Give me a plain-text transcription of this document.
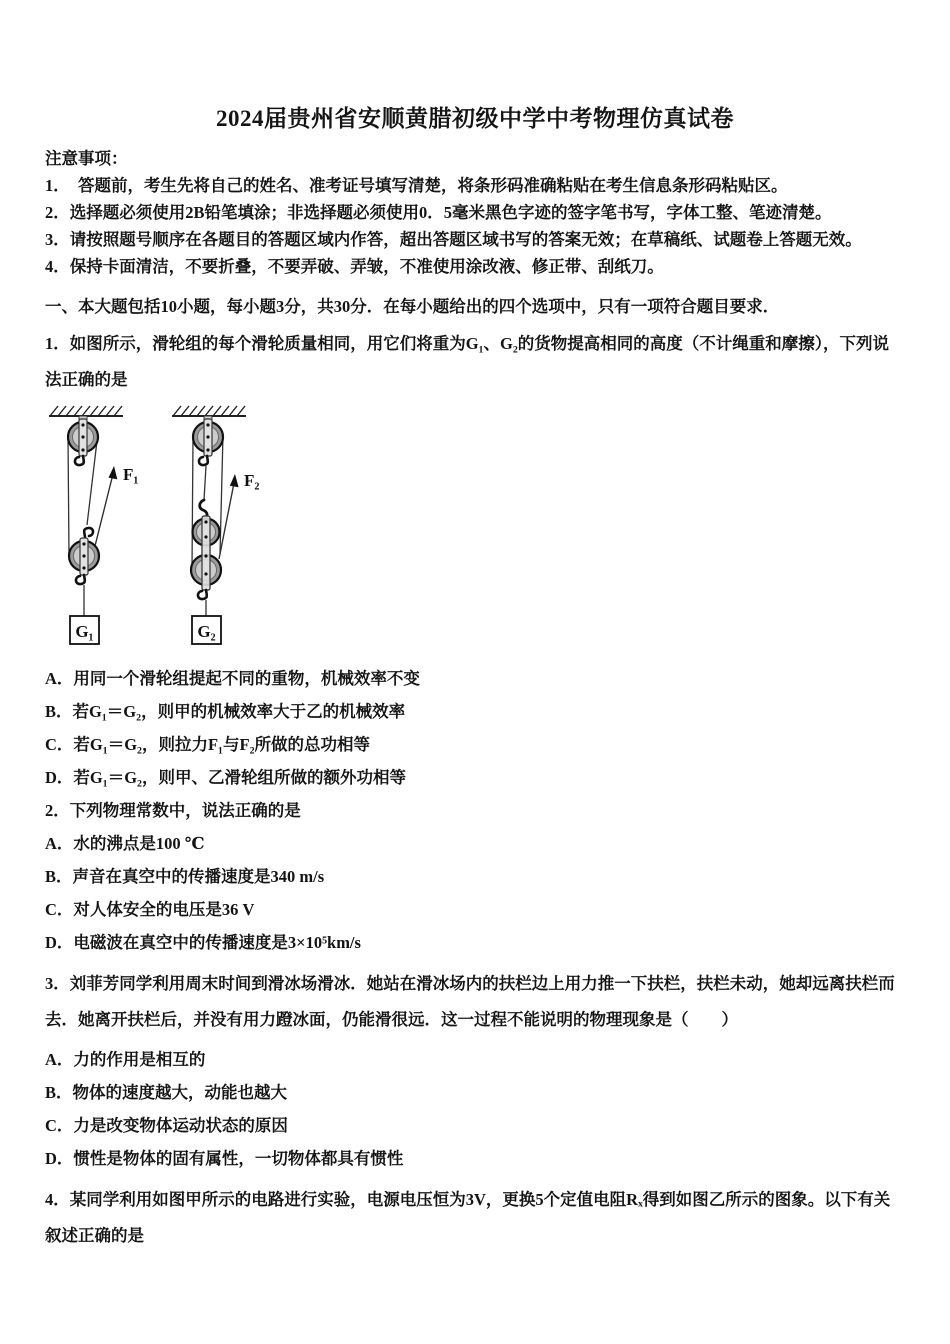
2024届贵州省安顺黄腊初级中学中考物理仿真试卷

注意事项：

1．　答题前，考生先将自己的姓名、准考证号填写清楚，将条形码准确粘贴在考生信息条形码粘贴区。
2．选择题必须使用2B铅笔填涂；非选择题必须使用0．5毫米黑色字迹的签字笔书写，字体工整、笔迹清楚。
3．请按照题号顺序在各题目的答题区域内作答，超出答题区域书写的答案无效；在草稿纸、试题卷上答题无效。
4．保持卡面清洁，不要折叠，不要弄破、弄皱，不准使用涂改液、修正带、刮纸刀。

一、本大题包括10小题，每小题3分，共30分．在每小题给出的四个选项中，只有一项符合题目要求．

1．如图所示，滑轮组的每个滑轮质量相同，用它们将重为G₁、G₂的货物提高相同的高度（不计绳重和摩擦），下列说法正确的是

F₁
G₁
F₂
G₂

A．用同一个滑轮组提起不同的重物，机械效率不变

B．若G₁＝G₂，则甲的机械效率大于乙的机械效率

C．若G₁＝G₂，则拉力F₁与F₂所做的总功相等

D．若G₁＝G₂，则甲、乙滑轮组所做的额外功相等

2．下列物理常数中，说法正确的是

A．水的沸点是100 ℃

B．声音在真空中的传播速度是340 m/s

C．对人体安全的电压是36 V

D．电磁波在真空中的传播速度是3×10⁵km/s

3．刘菲芳同学利用周末时间到滑冰场滑冰．她站在滑冰场内的扶栏边上用力推一下扶栏，扶栏未动，她却远离扶栏而去．她离开扶栏后，并没有用力蹬冰面，仍能滑很远．这一过程不能说明的物理现象是（　　）

A．力的作用是相互的

B．物体的速度越大，动能也越大

C．力是改变物体运动状态的原因

D．惯性是物体的固有属性，一切物体都具有惯性

4．某同学利用如图甲所示的电路进行实验，电源电压恒为3V，更换5个定值电阻Rₓ得到如图乙所示的图象。以下有关叙述正确的是
